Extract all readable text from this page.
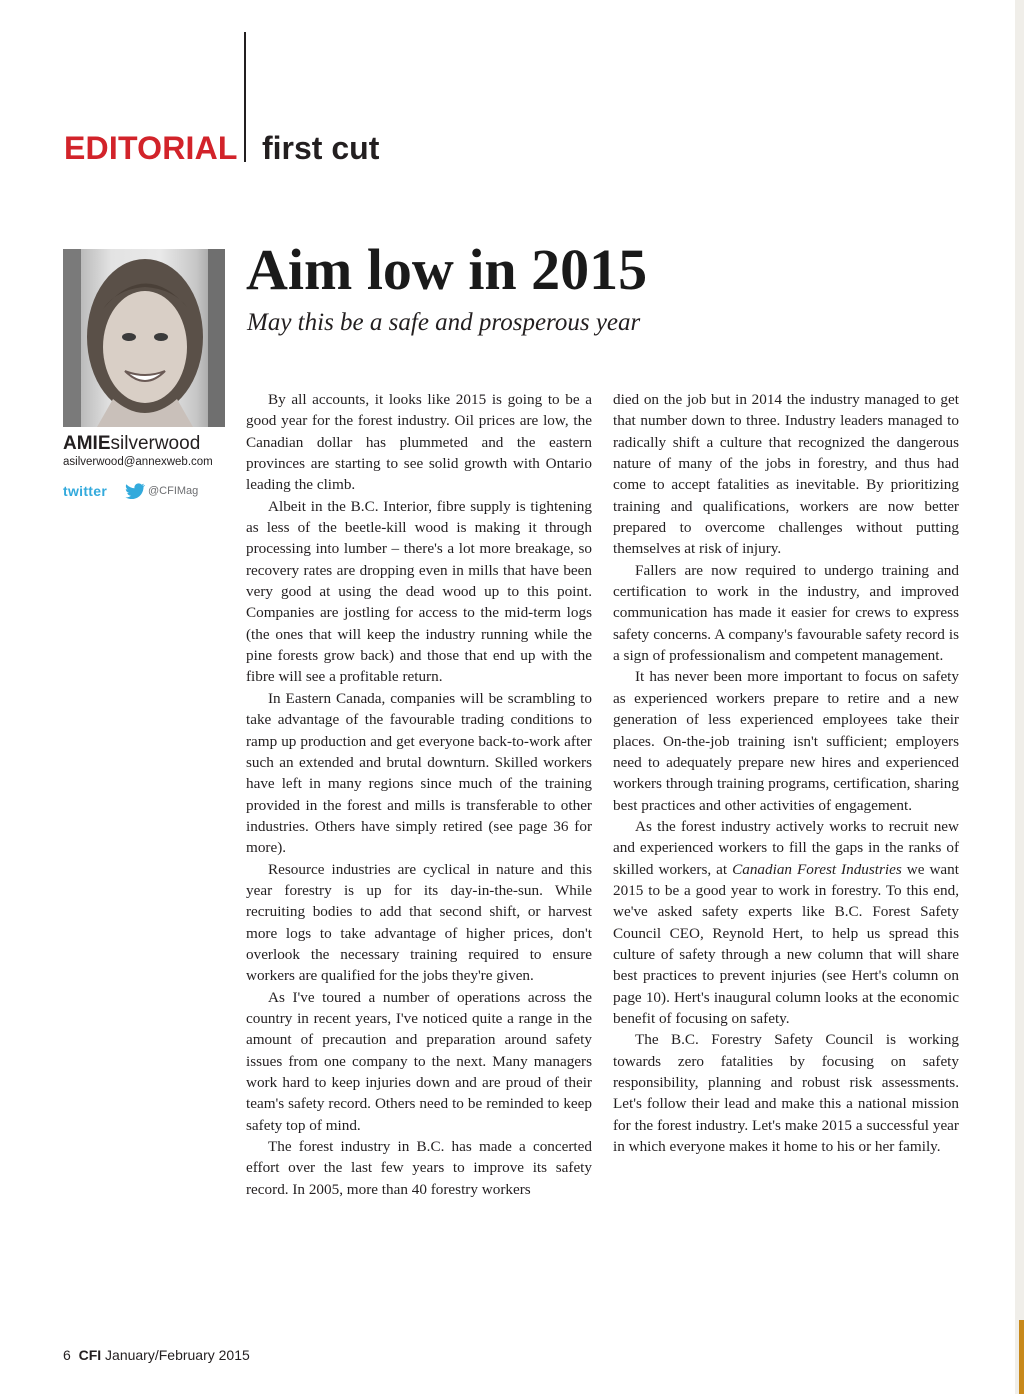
EDITORIAL first cut

AMIEsilverwood

asilverwood@annexweb.com

twitter	@CFIMag

Aim low in 2015

May this be a safe and prosperous year

By all accounts, it looks like 2015 is going to be a good year for the forest industry. Oil prices are low, the Canadian dollar has plummeted and the eastern provinces are starting to see solid growth with Ontario leading the climb.

Albeit in the B.C. Interior, fibre supply is tightening as less of the beetle-kill wood is making it through processing into lumber – there's a lot more breakage, so recovery rates are dropping even in mills that have been very good at using the dead wood up to this point. Companies are jostling for access to the mid-term logs (the ones that will keep the industry running while the pine forests grow back) and those that end up with the fibre will see a profitable return.

In Eastern Canada, companies will be scrambling to take advantage of the favourable trading conditions to ramp up production and get everyone back-to-work after such an extended and brutal downturn. Skilled workers have left in many regions since much of the training provided in the forest and mills is transferable to other industries. Others have simply retired (see page 36 for more).

Resource industries are cyclical in nature and this year forestry is up for its day-in-the-sun. While recruiting bodies to add that second shift, or harvest more logs to take advantage of higher prices, don't overlook the necessary training required to ensure workers are qualified for the jobs they're given.

As I've toured a number of operations across the country in recent years, I've noticed quite a range in the amount of precaution and preparation around safety issues from one company to the next. Many managers work hard to keep injuries down and are proud of their team's safety record. Others need to be reminded to keep safety top of mind.

The forest industry in B.C. has made a concerted effort over the last few years to improve its safety record. In 2005, more than 40 forestry workers

died on the job but in 2014 the industry managed to get that number down to three. Industry leaders managed to radically shift a culture that recognized the dangerous nature of many of the jobs in forestry, and thus had come to accept fatalities as inevitable. By prioritizing training and qualifications, workers are now better prepared to overcome challenges without putting themselves at risk of injury.

Fallers are now required to undergo training and certification to work in the industry, and improved communication has made it easier for crews to express safety concerns. A company's favourable safety record is a sign of professionalism and competent management.

It has never been more important to focus on safety as experienced workers prepare to retire and a new generation of less experienced employees take their places. On-the-job training isn't sufficient; employers need to adequately prepare new hires and experienced workers through training programs, certification, sharing best practices and other activities of engagement.

As the forest industry actively works to recruit new and experienced workers to fill the gaps in the ranks of skilled workers, at Canadian Forest Industries we want 2015 to be a good year to work in forestry. To this end, we've asked safety experts like B.C. Forest Safety Council CEO, Reynold Hert, to help us spread this culture of safety through a new column that will share best practices to prevent injuries (see Hert's column on page 10). Hert's inaugural column looks at the economic benefit of focusing on safety.

The B.C. Forestry Safety Council is working towards zero fatalities by focusing on safety responsibility, planning and robust risk assessments. Let's follow their lead and make this a national mission for the forest industry. Let's make 2015 a successful year in which everyone makes it home to his or her family.

6 CFI January/February 2015
